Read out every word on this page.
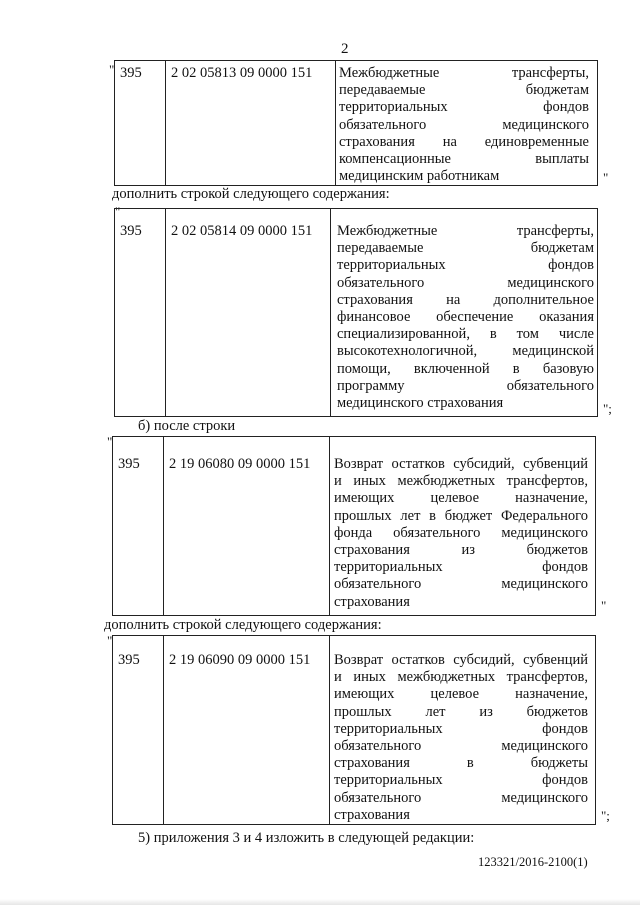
2
" 395 2 02 05813 09 0000 151 Межбюджетные трансферты,
передаваемые бюджетам
территориальных фондов
обязательного медицинского
страхования на единовременные
компенсационные выплаты
медицинским работникам	"
дополнить строкой следующего содержания:
"
395 2 02 05814 09 0000 151 Межбюджетные трансферты,
передаваемые бюджетам
территориальных фондов
обязательного медицинского
страхования на дополнительное
финансовое обеспечение оказания
специализированной, в том числе
высокотехнологичной, медицинской
помощи, включенной в базовую
программу обязательного
медицинского страхования	";
б) после строки
"
395 2 19 06080 09 0000 151 Возврат остатков субсидий, субвенций
и иных межбюджетных трансфертов,
имеющих целевое назначение,
прошлых лет в бюджет Федерального
фонда обязательного медицинского
страхования из бюджетов
территориальных фондов
обязательного медицинского
страхования	"
дополнить строкой следующего содержания:
"
395 2 19 06090 09 0000 151 Возврат остатков субсидий, субвенций
и иных межбюджетных трансфертов,
имеющих целевое назначение,
прошлых лет из бюджетов
территориальных фондов
обязательного медицинского
страхования в бюджеты
территориальных фондов
обязательного медицинского
страхования	";
5) приложения 3 и 4 изложить в следующей редакции:
123321/2016-2100(1)
